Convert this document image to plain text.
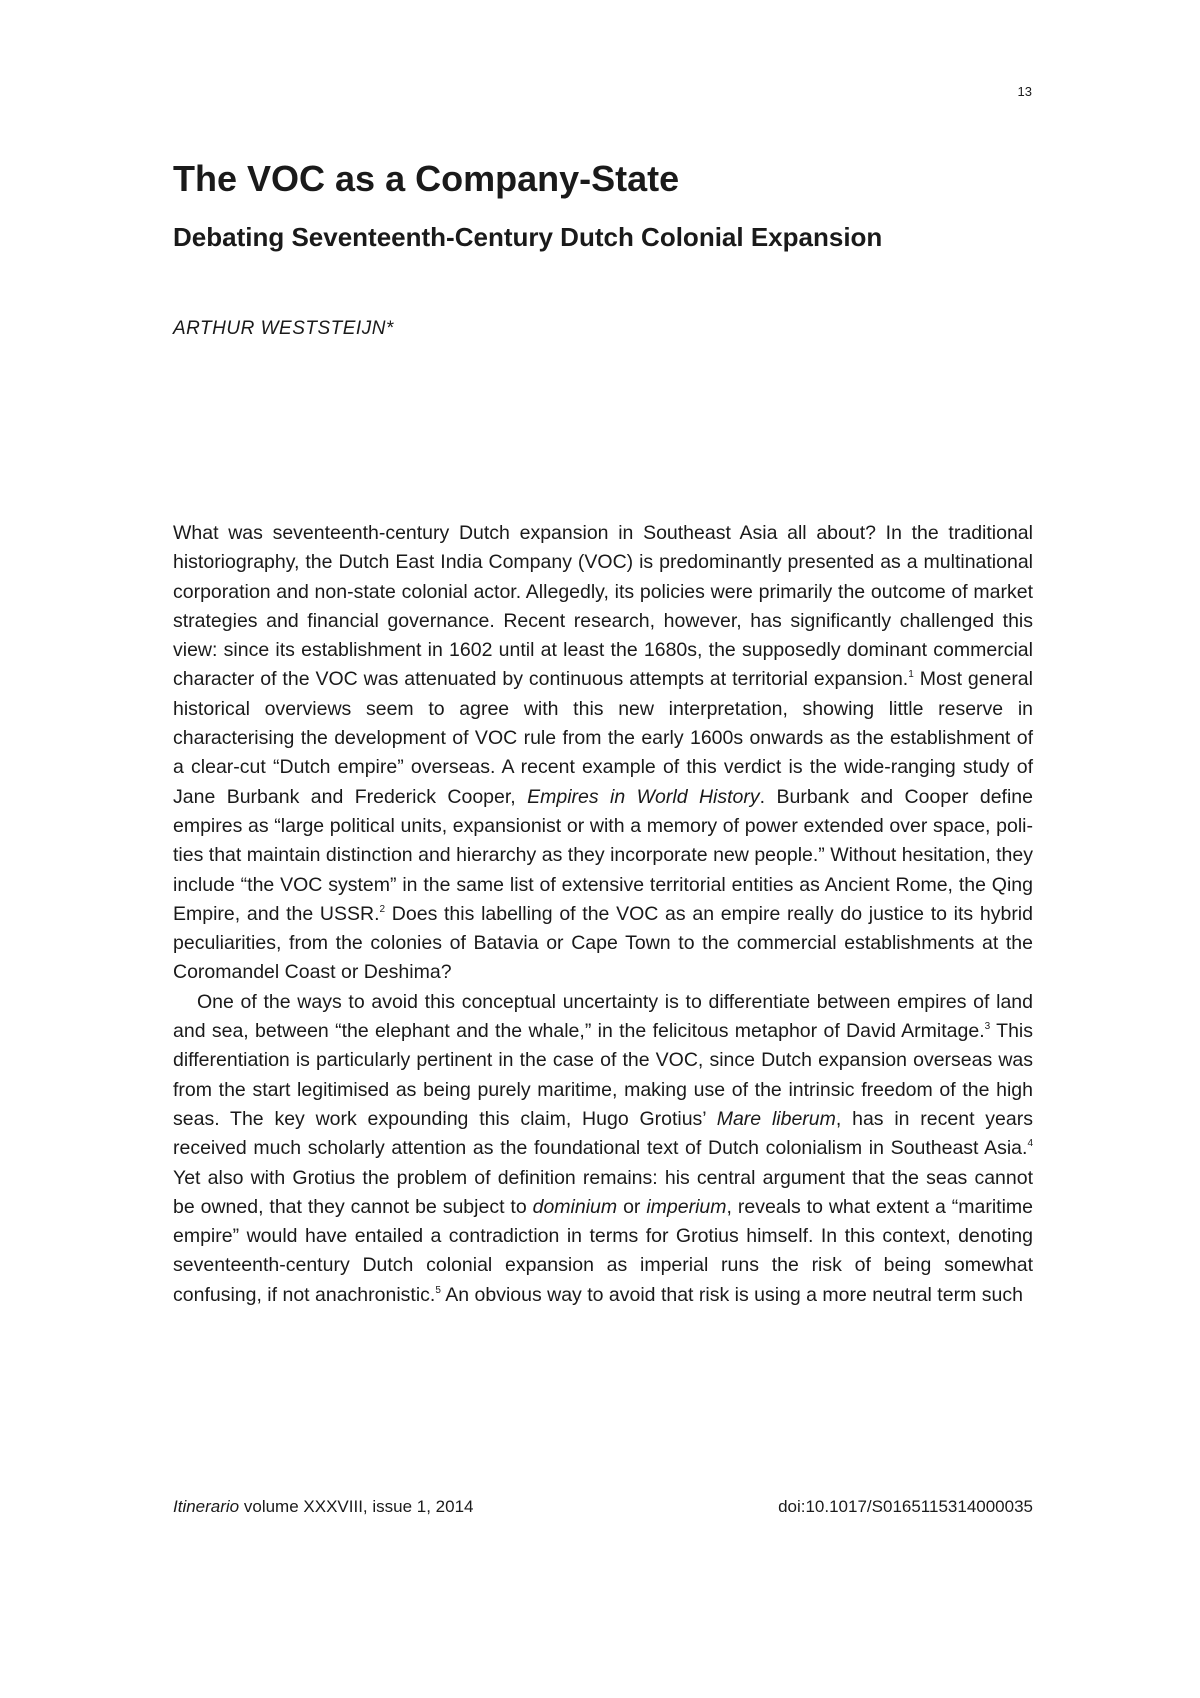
13
The VOC as a Company-State
Debating Seventeenth-Century Dutch Colonial Expansion

ARTHUR WESTSTEIJN*

What was seventeenth-century Dutch expansion in Southeast Asia all about? In the traditional historiography, the Dutch East India Company (VOC) is predominantly presented as a multinational corporation and non-state colonial actor. Allegedly, its policies were primarily the outcome of market strategies and financial governance. Recent research, however, has significantly challenged this view: since its establishment in 1602 until at least the 1680s, the supposedly dominant commercial character of the VOC was attenuated by continuous attempts at territorial expansion.$^1$ Most general historical overviews seem to agree with this new interpretation, showing little reserve in characterising the development of VOC rule from the early 1600s onwards as the establishment of a clear-cut “Dutch empire” overseas. A recent example of this verdict is the wide-ranging study of Jane Burbank and Frederick Cooper, Empires in World History. Burbank and Cooper define empires as “large political units, expansionist or with a memory of power extended over space, polities that maintain distinction and hierarchy as they incorporate new people.” Without hesitation, they include “the VOC system” in the same list of extensive territorial entities as Ancient Rome, the Qing Empire, and the USSR.$^2$ Does this labelling of the VOC as an empire really do justice to its hybrid peculiarities, from the colonies of Batavia or Cape Town to the commercial establishments at the Coromandel Coast or Deshima?

One of the ways to avoid this conceptual uncertainty is to differentiate between empires of land and sea, between “the elephant and the whale,” in the felicitous metaphor of David Armitage.$^3$ This differentiation is particularly pertinent in the case of the VOC, since Dutch expansion overseas was from the start legitimised as being purely maritime, making use of the intrinsic freedom of the high seas. The key work expounding this claim, Hugo Grotius’ Mare liberum, has in recent years received much scholarly attention as the foundational text of Dutch colonialism in Southeast Asia.$^4$ Yet also with Grotius the problem of definition remains: his central argument that the seas cannot be owned, that they cannot be subject to dominium or imperium, reveals to what extent a “maritime empire” would have entailed a contradiction in terms for Grotius himself. In this context, denoting seventeenth-century Dutch colonial expansion as imperial runs the risk of being somewhat confusing, if not anachronistic.$^5$ An obvious way to avoid that risk is using a more neutral term such

Itinerario volume XXXVIII, issue 1, 2014	doi:10.1017/S0165115314000035
